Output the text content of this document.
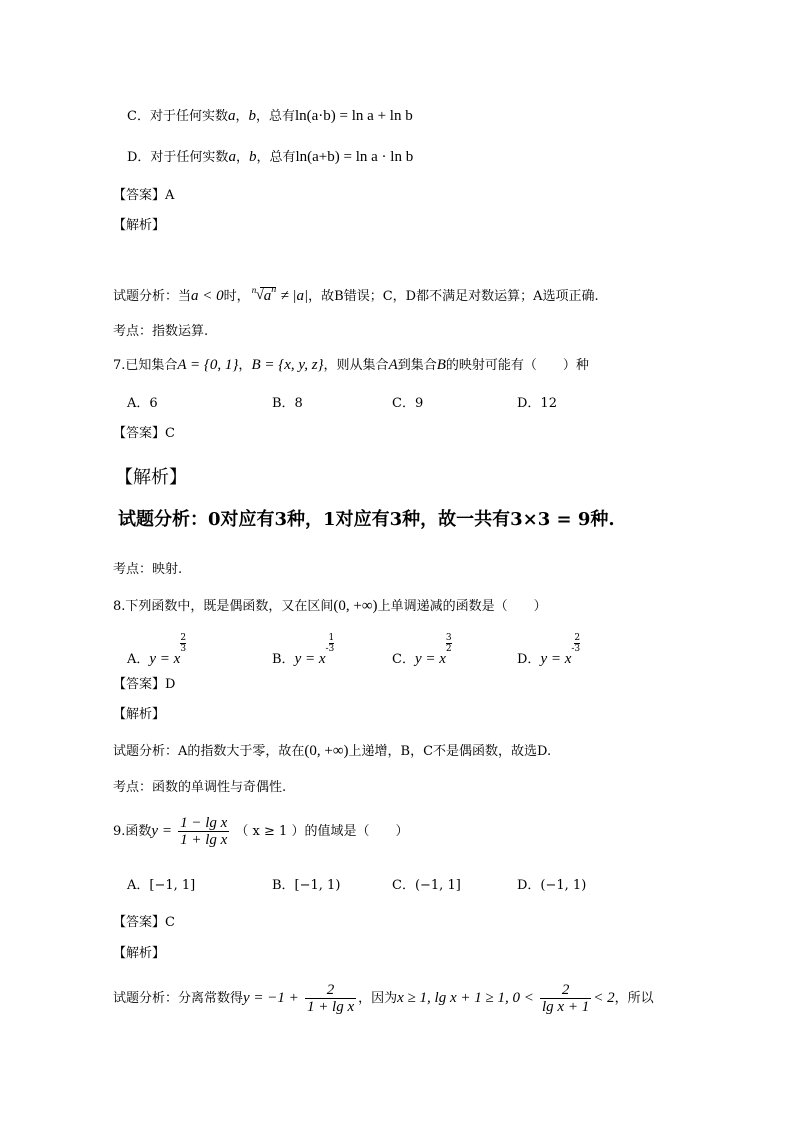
C．对于任何实数a，b，总有ln(a·b) = ln a + ln b
D．对于任何实数a，b，总有ln(a+b) = ln a · ln b
【答案】A
【解析】
试题分析：当a < 0时， n √ $a^n \ne |a|$，故B错误；C，D都不满足对数运算；A选项正确.
考点：指数运算.
7.已知集合A = {0, 1}，B = {x, y, z}，则从集合A到集合B的映射可能有（　　）种
A．6	B．8	C．9	D．12
【答案】C
【解析】
试题分析：0对应有3种，1对应有3种，故一共有3×3 = 9种.
考点：映射.
8.下列函数中，既是偶函数，又在区间(0, +∞)上单调递减的函数是（　　）
A．y = x
$\frac{2}{3}$
B．$y = x- \frac{1}{3}$
C．y = x
$\frac{3}{2}$
D．$y = x- \frac{2}{3}$
【答案】D
【解析】
试题分析：A的指数大于零，故在(0, +∞)上递增，B，C不是偶函数，故选D.
考点：函数的单调性与奇偶性.
9.函数$y = \frac{\text{1 − lg x}}{\text{1 + lg x}}$ （ x ≥ 1 ）的值域是（　　）
A．[−1, 1]	B．[−1, 1)	C．(−1, 1]	D．(−1, 1)
【答案】C
【解析】
试题分析：分离常数得$y = -1 + \frac{2}{\text{1 + lg x}}$ ，因为x ≥ 1, lg x + 1 ≥ 1, $0 < \frac{2}{\text{lg x + 1}} < 2$，所以
